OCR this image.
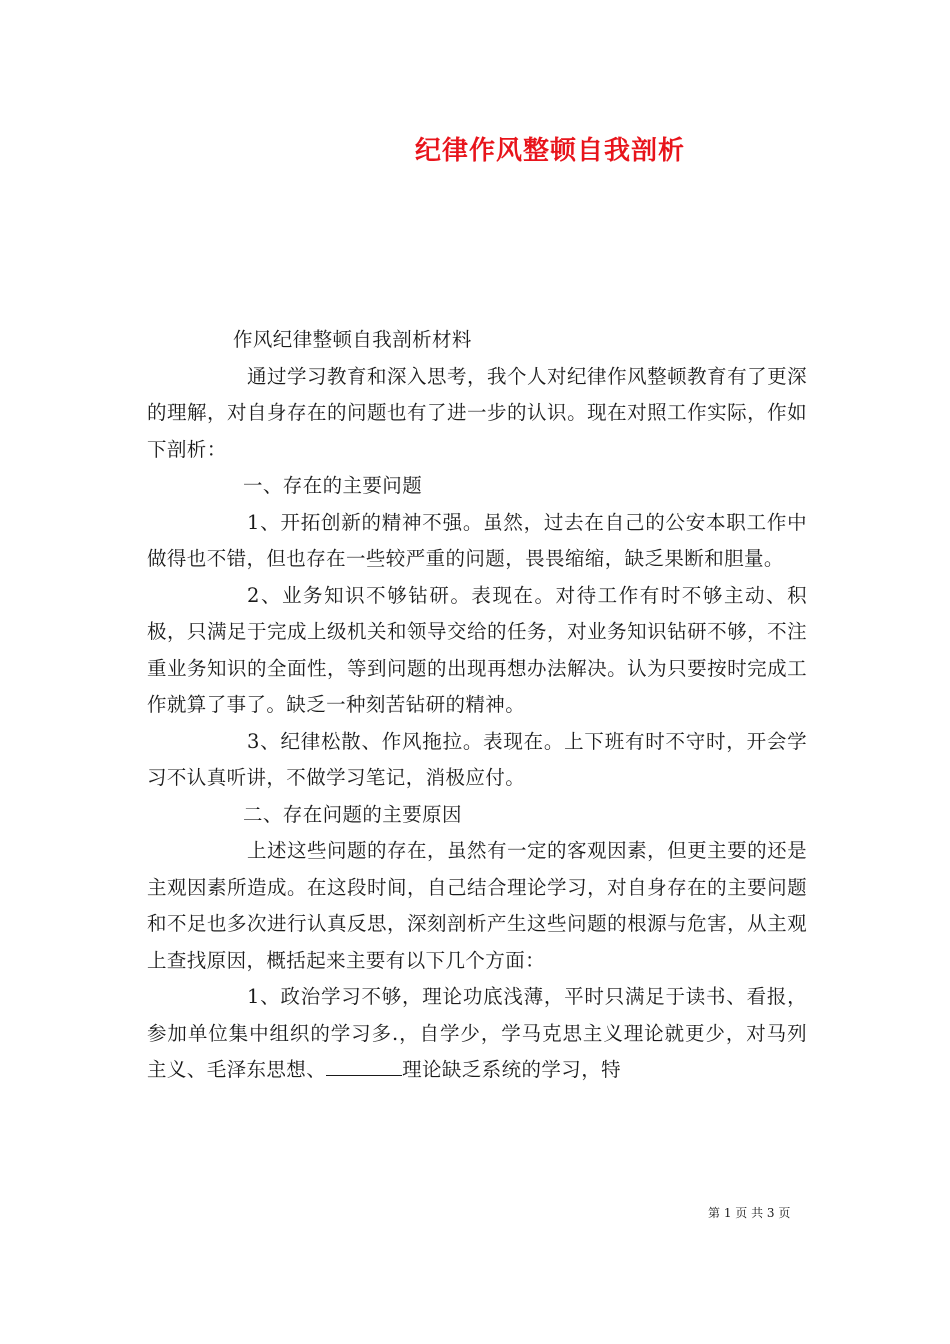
纪律作风整顿自我剖析

作风纪律整顿自我剖析材料

通过学习教育和深入思考，我个人对纪律作风整顿教育有了更深的理解，对自身存在的问题也有了进一步的认识。现在对照工作实际，作如下剖析：

一、存在的主要问题

1、开拓创新的精神不强。虽然，过去在自己的公安本职工作中做得也不错，但也存在一些较严重的问题，畏畏缩缩，缺乏果断和胆量。

2、业务知识不够钻研。表现在。对待工作有时不够主动、积极，只满足于完成上级机关和领导交给的任务，对业务知识钻研不够，不注重业务知识的全面性，等到问题的出现再想办法解决。认为只要按时完成工作就算了事了。缺乏一种刻苦钻研的精神。

3、纪律松散、作风拖拉。表现在。上下班有时不守时，开会学习不认真听讲，不做学习笔记，消极应付。

二、存在问题的主要原因

上述这些问题的存在，虽然有一定的客观因素，但更主要的还是主观因素所造成。在这段时间，自己结合理论学习，对自身存在的主要问题和不足也多次进行认真反思，深刻剖析产生这些问题的根源与危害，从主观上查找原因，概括起来主要有以下几个方面：

1、政治学习不够，理论功底浅薄，平时只满足于读书、看报，参加单位集中组织的学习多.，自学少，学马克思主义理论就更少，对马列主义、毛泽东思想、	理论缺乏系统的学习，特

第 1 页 共 3 页
